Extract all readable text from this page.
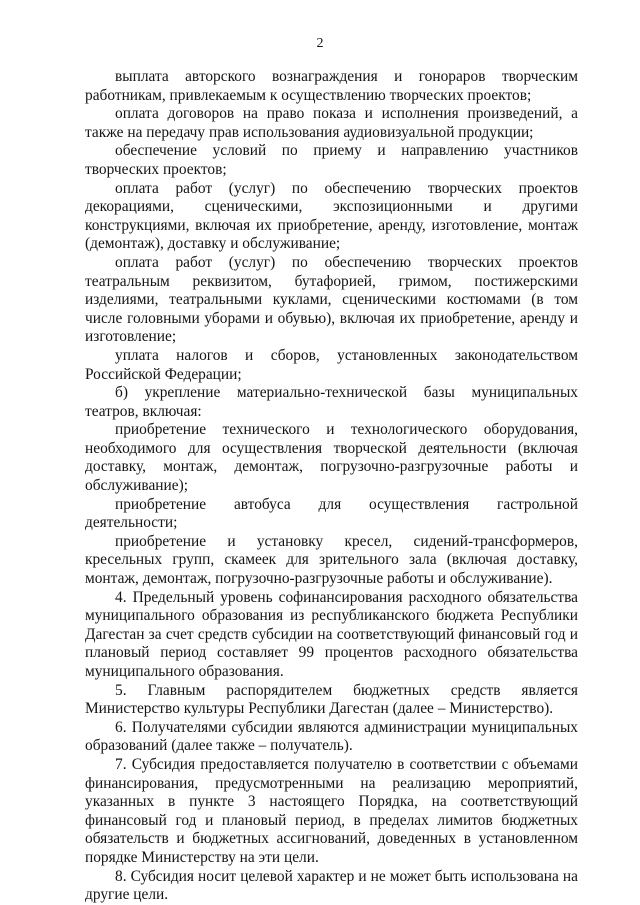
2

выплата авторского вознаграждения и гонораров творческим работникам, привлекаемым к осуществлению творческих проектов;

оплата договоров на право показа и исполнения произведений, а также на передачу прав использования аудиовизуальной продукции;

обеспечение условий по приему и направлению участников творческих проектов;

оплата работ (услуг) по обеспечению творческих проектов декорациями, сценическими, экспозиционными и другими конструкциями, включая их приобретение, аренду, изготовление, монтаж (демонтаж), доставку и обслуживание;

оплата работ (услуг) по обеспечению творческих проектов театральным реквизитом, бутафорией, гримом, постижерскими изделиями, театральными куклами, сценическими костюмами (в том числе головными уборами и обувью), включая их приобретение, аренду и изготовление;

уплата налогов и сборов, установленных законодательством Российской Федерации;

б) укрепление материально-технической базы муниципальных театров, включая:

приобретение технического и технологического оборудования, необходимого для осуществления творческой деятельности (включая доставку, монтаж, демонтаж, погрузочно-разгрузочные работы и обслуживание);

приобретение автобуса для осуществления гастрольной деятельности;

приобретение и установку кресел, сидений-трансформеров, кресельных групп, скамеек для зрительного зала (включая доставку, монтаж, демонтаж, погрузочно-разгрузочные работы и обслуживание).

4. Предельный уровень софинансирования расходного обязательства муниципального образования из республиканского бюджета Республики Дагестан за счет средств субсидии на соответствующий финансовый год и плановый период составляет 99 процентов расходного обязательства муниципального образования.

5. Главным распорядителем бюджетных средств является Министерство культуры Республики Дагестан (далее – Министерство).

6. Получателями субсидии являются администрации муниципальных образований (далее также – получатель).

7. Субсидия предоставляется получателю в соответствии с объемами финансирования, предусмотренными на реализацию мероприятий, указанных в пункте 3 настоящего Порядка, на соответствующий финансовый год и плановый период, в пределах лимитов бюджетных обязательств и бюджетных ассигнований, доведенных в установленном порядке Министерству на эти цели.

8. Субсидия носит целевой характер и не может быть использована на другие цели.
